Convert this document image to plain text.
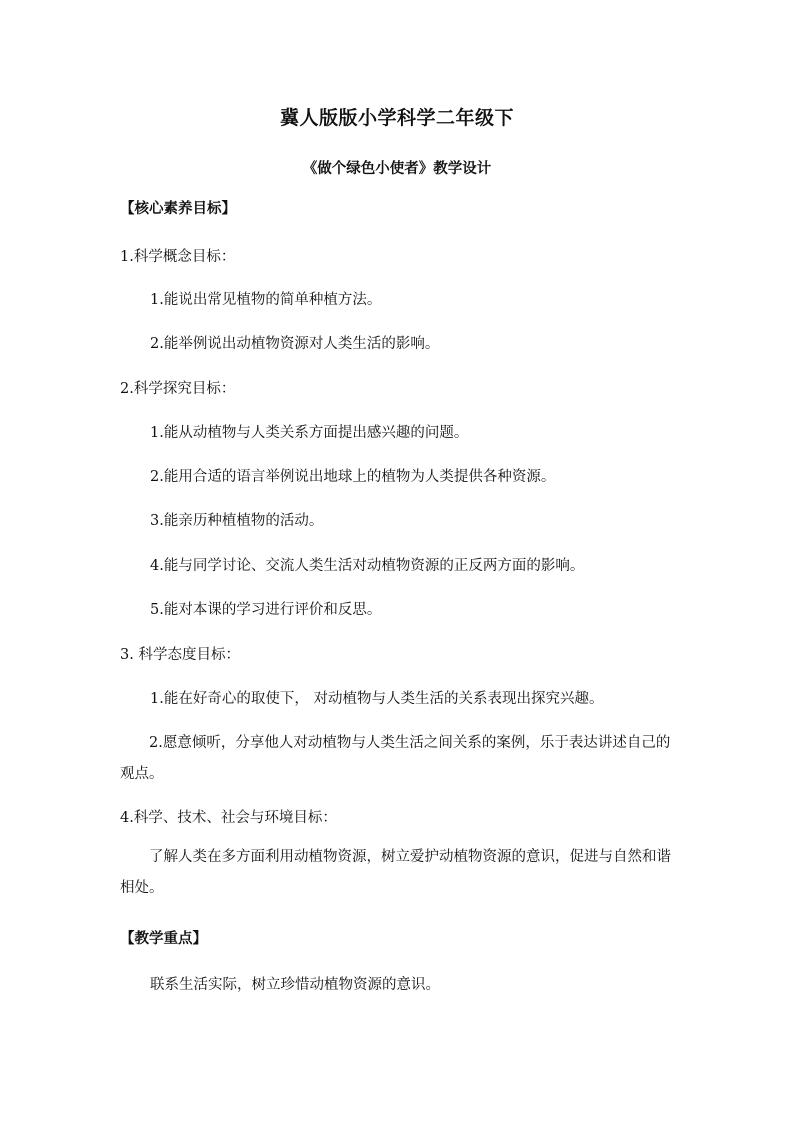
冀人版版小学科学二年级下
《做个绿色小使者》教学设计
【核心素养目标】
1.科学概念目标：
1.能说出常见植物的简单种植方法。
2.能举例说出动植物资源对人类生活的影响。
2.科学探究目标：
1.能从动植物与人类关系方面提出感兴趣的问题。
2.能用合适的语言举例说出地球上的植物为人类提供各种资源。
3.能亲历种植植物的活动。
4.能与同学讨论、交流人类生活对动植物资源的正反两方面的影响。
5.能对本课的学习进行评价和反思。
3. 科学态度目标：
1.能在好奇心的取使下， 对动植物与人类生活的关系表现出探究兴趣。
2.愿意倾听，分享他人对动植物与人类生活之间关系的案例，乐于表达讲述自己的观点。
4.科学、技术、社会与环境目标：
了解人类在多方面利用动植物资源，树立爱护动植物资源的意识，促进与自然和谐相处。
【教学重点】
联系生活实际，树立珍惜动植物资源的意识。
